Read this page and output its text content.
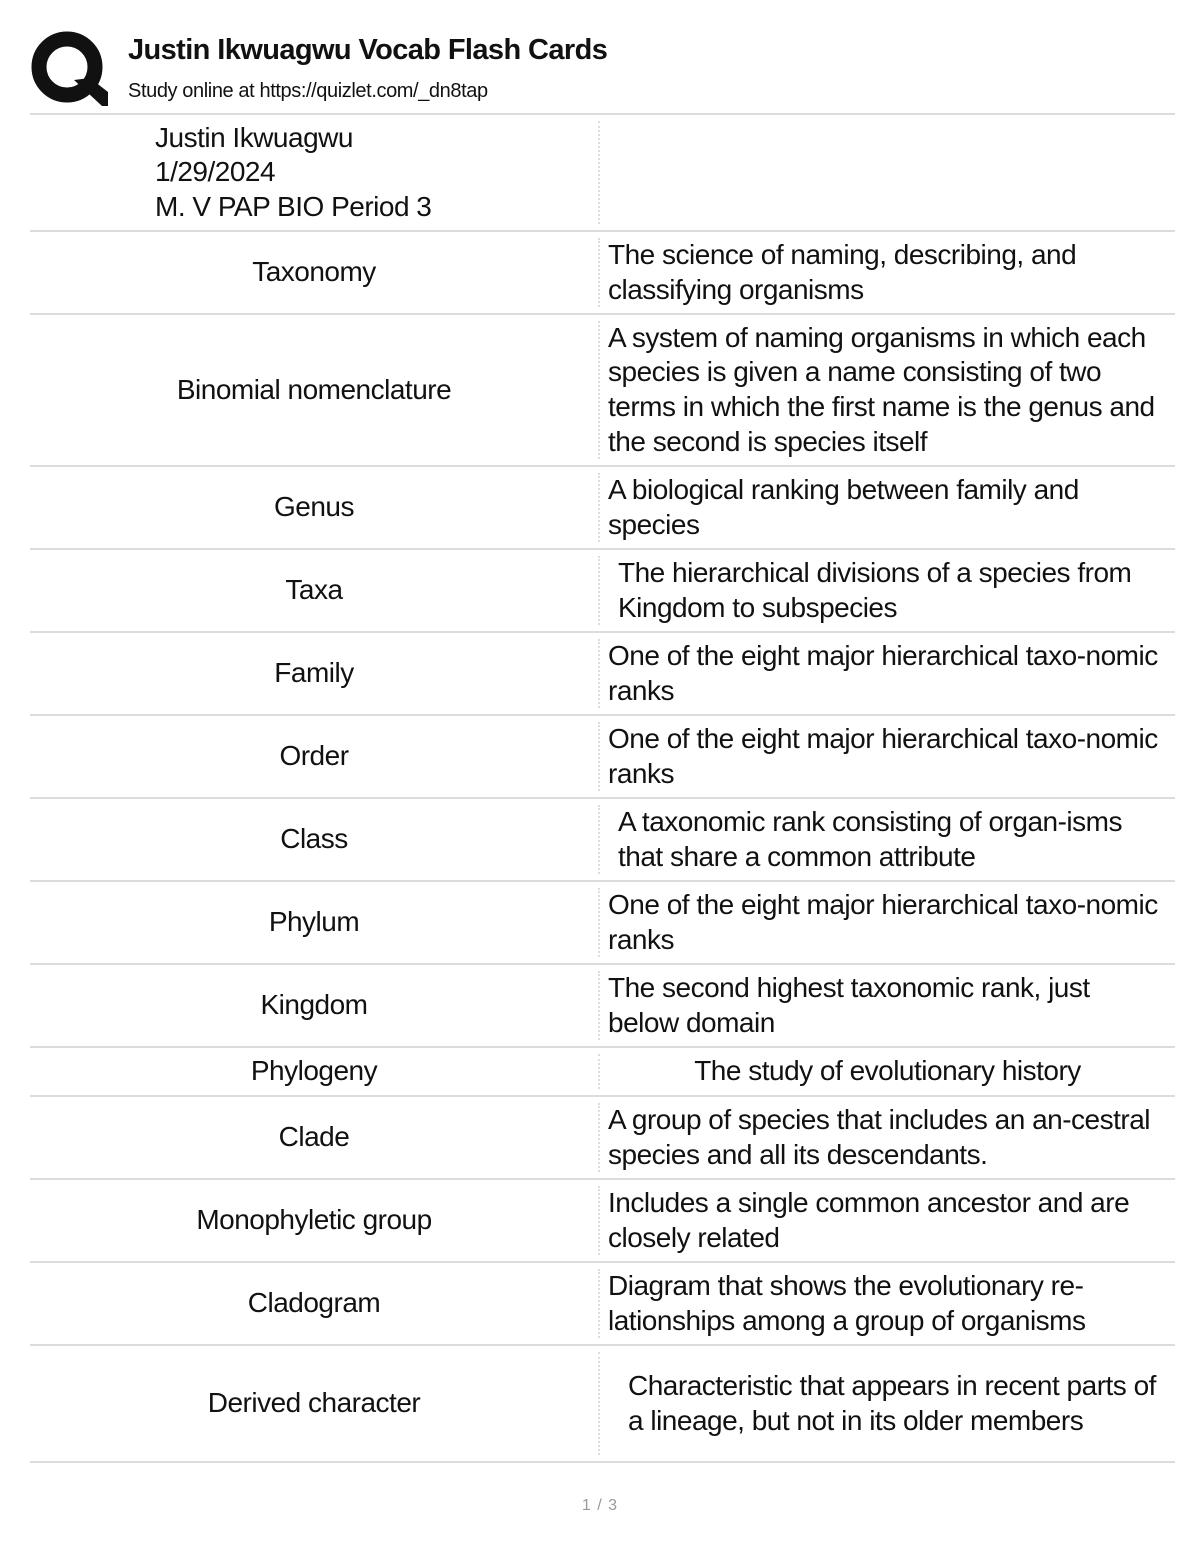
Justin Ikwuagwu Vocab Flash Cards
Study online at https://quizlet.com/_dn8tap
Justin Ikwuagwu
1/29/2024
M. V PAP BIO Period 3
Taxonomy
The science of naming, describing, and classifying organisms
Binomial nomenclature
A system of naming organisms in which each species is given a name consisting of two terms in which the first name is the genus and the second is species itself
Genus
A biological ranking between family and species
Taxa
The hierarchical divisions of a species from Kingdom to subspecies
Family
One of the eight major hierarchical taxo-nomic ranks
Order
One of the eight major hierarchical taxo-nomic ranks
Class
A taxonomic rank consisting of organ-isms that share a common attribute
Phylum
One of the eight major hierarchical taxo-nomic ranks
Kingdom
The second highest taxonomic rank, just below domain
Phylogeny	The study of evolutionary history
Clade
A group of species that includes an an-cestral species and all its descendants.
Monophyletic group
Includes a single common ancestor and are closely related
Cladogram
Diagram that shows the evolutionary re-lationships among a group of organisms
Derived character
Characteristic that appears in recent parts of a lineage, but not in its older members
1 / 3
